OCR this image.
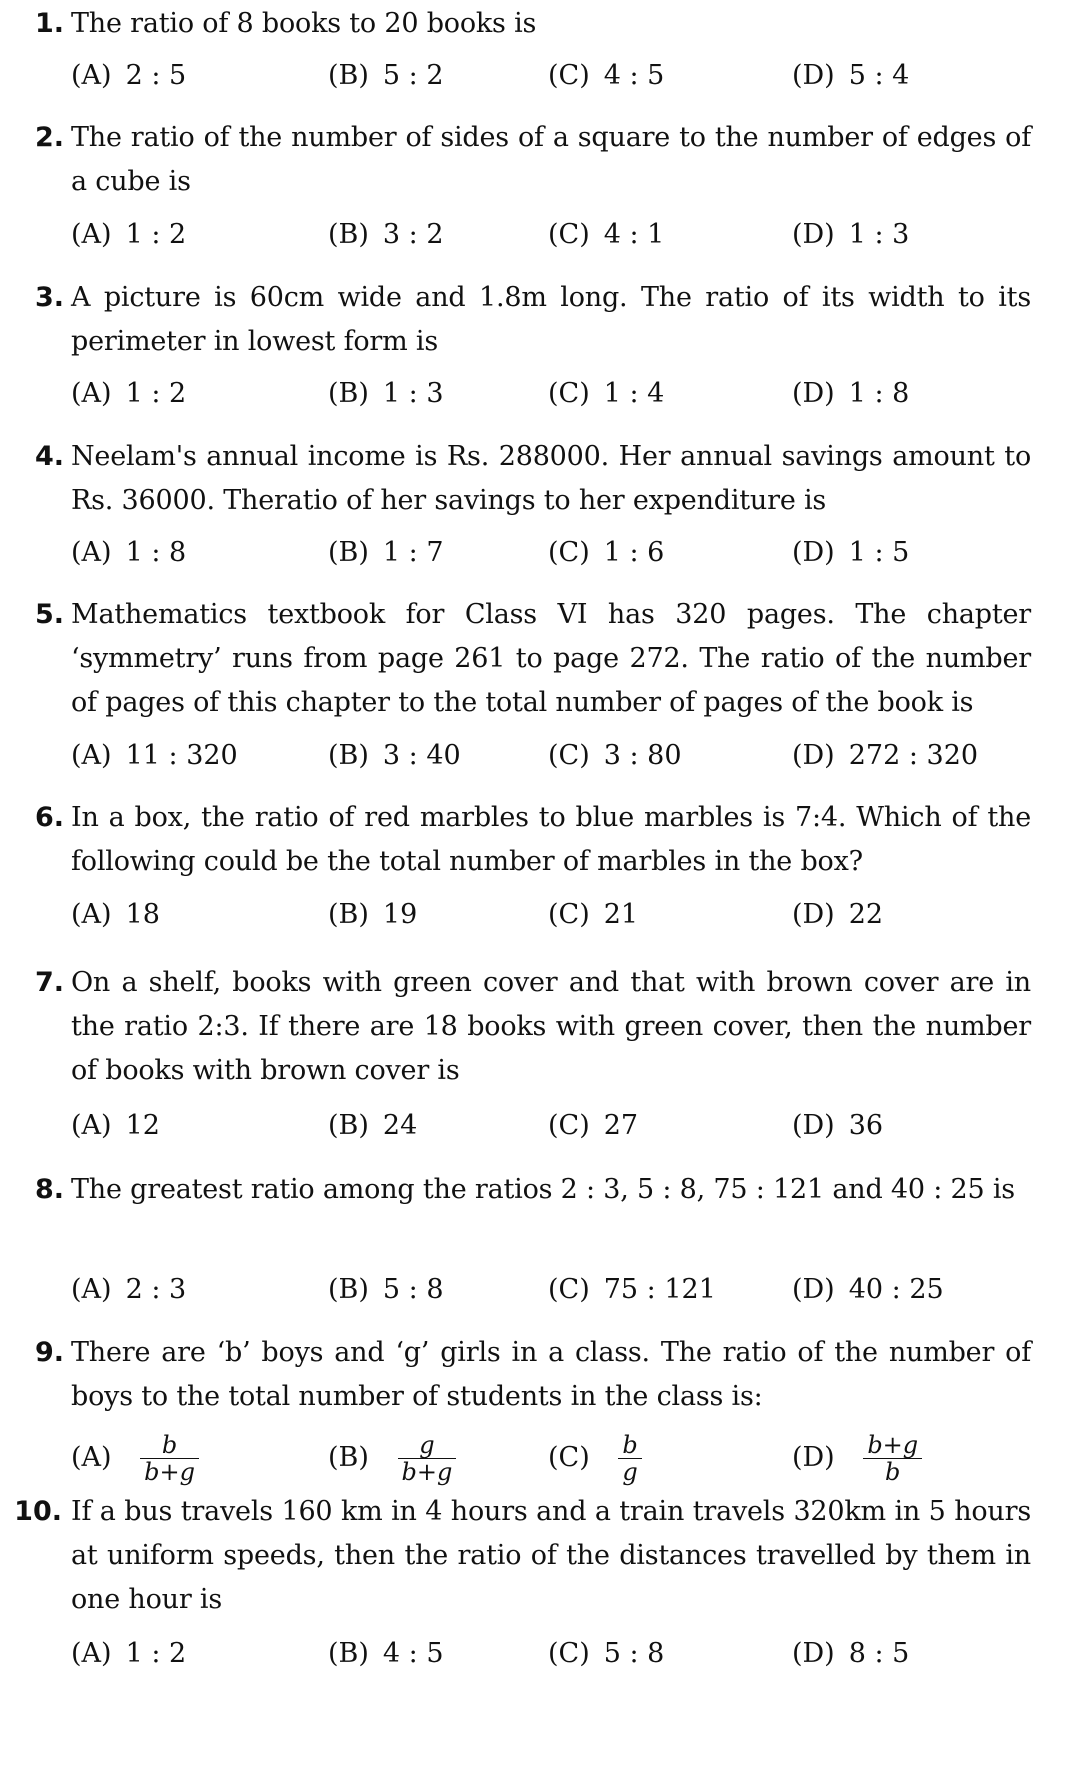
1. The ratio of 8 books to 20 books is
(A) 2 : 5	(B) 5 : 2	(C) 4 : 5	(D) 5 : 4
2. The ratio of the number of sides of a square to the number of edges of a cube is
(A) 1 : 2	(B) 3 : 2	(C) 4 : 1	(D) 1 : 3
3. A picture is 60cm wide and 1.8m long. The ratio of its width to its perimeter in lowest form is
(A) 1 : 2	(B) 1 : 3	(C) 1 : 4	(D) 1 : 8
4. Neelam's annual income is Rs. 288000. Her annual savings amount to Rs. 36000. Theratio of her savings to her expenditure is
(A) 1 : 8	(B) 1 : 7	(C) 1 : 6	(D) 1 : 5
5. Mathematics textbook for Class VI has 320 pages. The chapter ‘symmetry’ runs from page 261 to page 272. The ratio of the number of pages of this chapter to the total number of pages of the book is
(A) 11 : 320	(B) 3 : 40	(C) 3 : 80	(D) 272 : 320
6. In a box, the ratio of red marbles to blue marbles is 7:4. Which of the following could be the total number of marbles in the box?
(A) 18	(B) 19	(C) 21	(D) 22
7. On a shelf, books with green cover and that with brown cover are in the ratio 2:3. If there are 18 books with green cover, then the number of books with brown cover is
(A) 12	(B) 24	(C) 27	(D) 36
8. The greatest ratio among the ratios 2 : 3, 5 : 8, 75 : 121 and 40 : 25 is
(A) 2 : 3	(B) 5 : 8	(C) 75 : 121	(D) 40 : 25
9. There are ‘b’ boys and ‘g’ girls in a class. The ratio of the number of boys to the total number of students in the class is:
$(A) \frac{b}{b+g}$	$(B) \frac{g}{b+g}$	$(C) \frac{b}{g}$	$(D) \frac{b+g}{b}$
10. If a bus travels 160 km in 4 hours and a train travels 320km in 5 hours at uniform speeds, then the ratio of the distances travelled by them in one hour is
(A) 1 : 2	(B) 4 : 5	(C) 5 : 8	(D) 8 : 5
